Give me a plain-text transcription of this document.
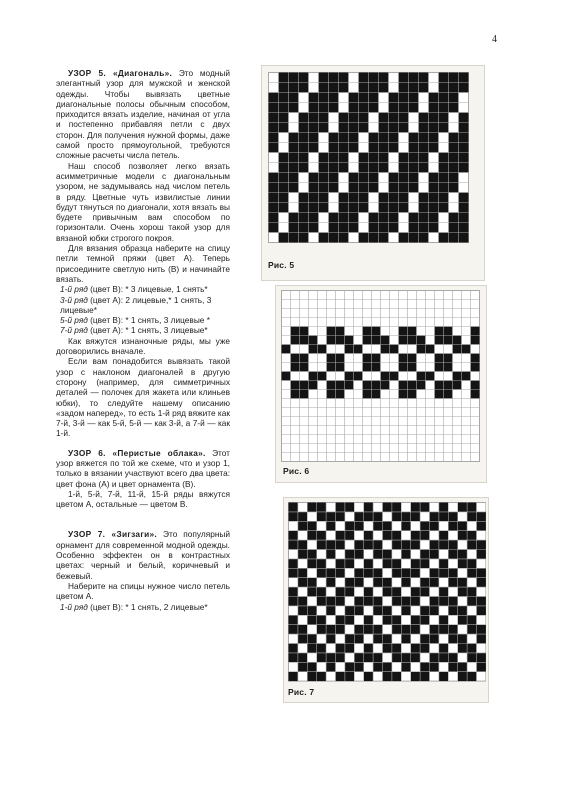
4

УЗОР 5. «Диагональ». Это модный элегантный узор для мужской и женской одежды. Чтобы вывязать цветные диагональные полосы обычным способом, приходится вязать изделие, начиная от угла и постепенно прибавляя петли с двух сторон. Для получения нужной формы, даже самой просто прямоугольной, требуются сложные расчеты числа петель.

Наш способ позволяет легко вязать асимметричные модели с диагональным узором, не задумываясь над числом петель в ряду. Цветные чуть извилистые линии будут тянуться по диагонали, хотя вязать вы будете привычным вам способом по горизонтали. Очень хорош такой узор для вязаной юбки строгого покроя.

Для вязания образца наберите на спицу петли темной пряжи (цвет А). Теперь присоедините светлую нить (В) и начинайте вязать.

1-й ряд (цвет В): * 3 лицевые, 1 снять*

3-й ряд (цвет А): 2 лицевые,* 1 снять, 3 лицевые*

5-й ряд (цвет В): * 1 снять, 3 лицевые *

7-й ряд (цвет А): * 1 снять, 3 лицевые*

Как вяжутся изнаночные ряды, мы уже договорились вначале.

Если вам понадобится вывязать такой узор с наклоном диагоналей в другую сторону (например, для симметричных деталей — полочек для жакета или клиньев юбки), то следуйте нашему описанию «задом наперед», то есть 1-й ряд вяжите как 7-й, 3-й — как 5-й, 5-й — как 3-й, а 7-й — как 1-й.

УЗОР 6. «Перистые облака». Этот узор вяжется по той же схеме, что и узор 1, только в вязании участвуют всего два цвета: цвет фона (А) и цвет орнамента (В).

1-й, 5-й, 7-й, 11-й, 15-й ряды вяжутся цветом А, остальные — цветом В.

УЗОР 7. «Зигзаги». Это популярный орнамент для современной модной одежды. Особенно эффектен он в контрастных цветах: черный и белый, коричневый и бежевый.

Наберите на спицы нужное число петель цветом А.

1-й ряд (цвет В): * 1 снять, 2 лицевые*

Рис. 5
Рис. 6
Рис. 7
